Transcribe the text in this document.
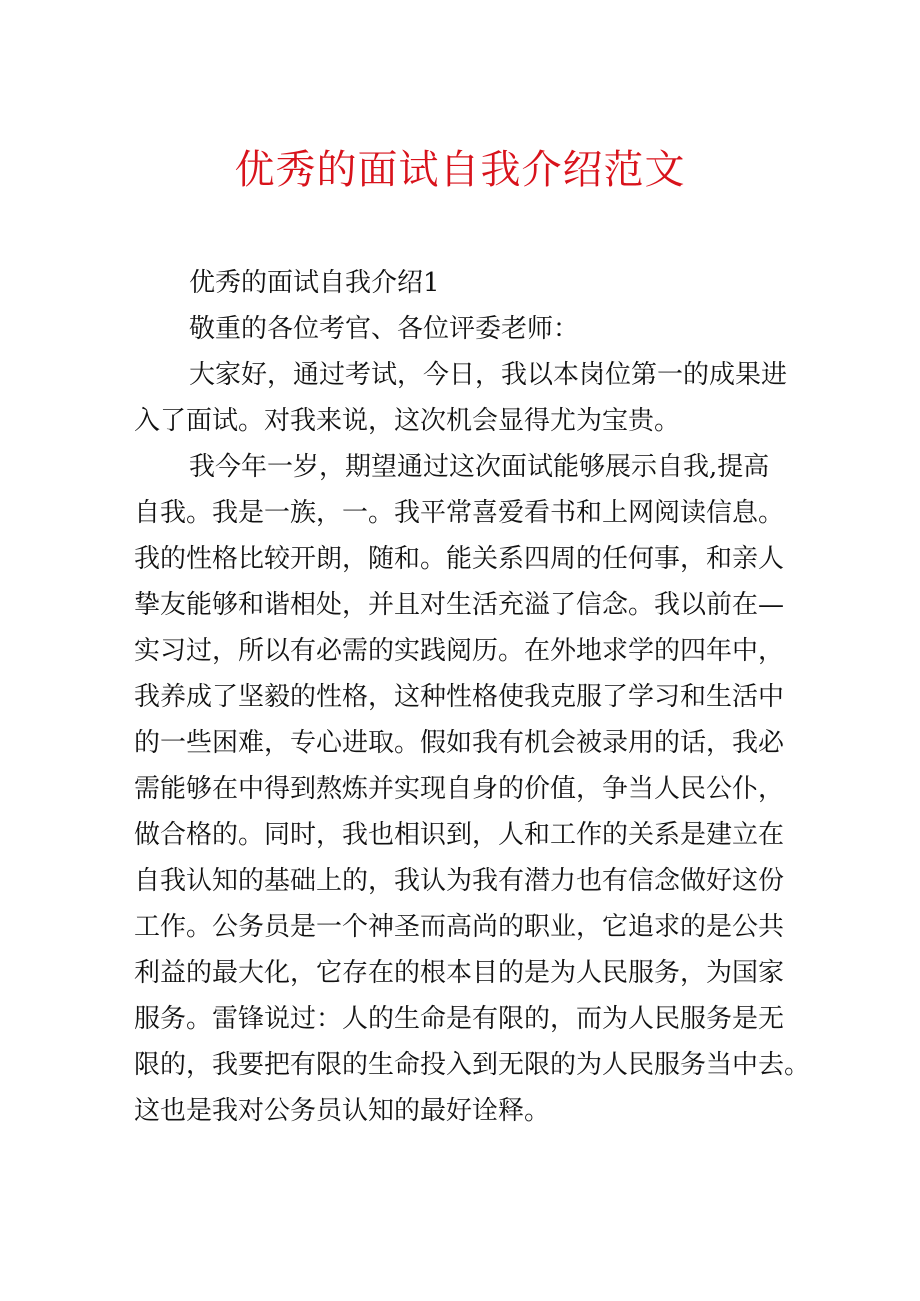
优秀的面试自我介绍范文
优秀的面试自我介绍1
敬重的各位考官、各位评委老师：
大家好，通过考试，今日，我以本岗位第一的成果进
入了面试。对我来说，这次机会显得尤为宝贵。
我今年一岁，期望通过这次面试能够展示自我,提高
自我。我是一族，一。我平常喜爱看书和上网阅读信息。
我的性格比较开朗，随和。能关系四周的任何事，和亲人
挚友能够和谐相处，并且对生活充溢了信念。我以前在—
实习过，所以有必需的实践阅历。在外地求学的四年中，
我养成了坚毅的性格，这种性格使我克服了学习和生活中
的一些困难，专心进取。假如我有机会被录用的话，我必
需能够在中得到熬炼并实现自身的价值，争当人民公仆，
做合格的。同时，我也相识到，人和工作的关系是建立在
自我认知的基础上的，我认为我有潜力也有信念做好这份
工作。公务员是一个神圣而高尚的职业，它追求的是公共
利益的最大化，它存在的根本目的是为人民服务，为国家
服务。雷锋说过：人的生命是有限的，而为人民服务是无
限的，我要把有限的生命投入到无限的为人民服务当中去。
这也是我对公务员认知的最好诠释。
